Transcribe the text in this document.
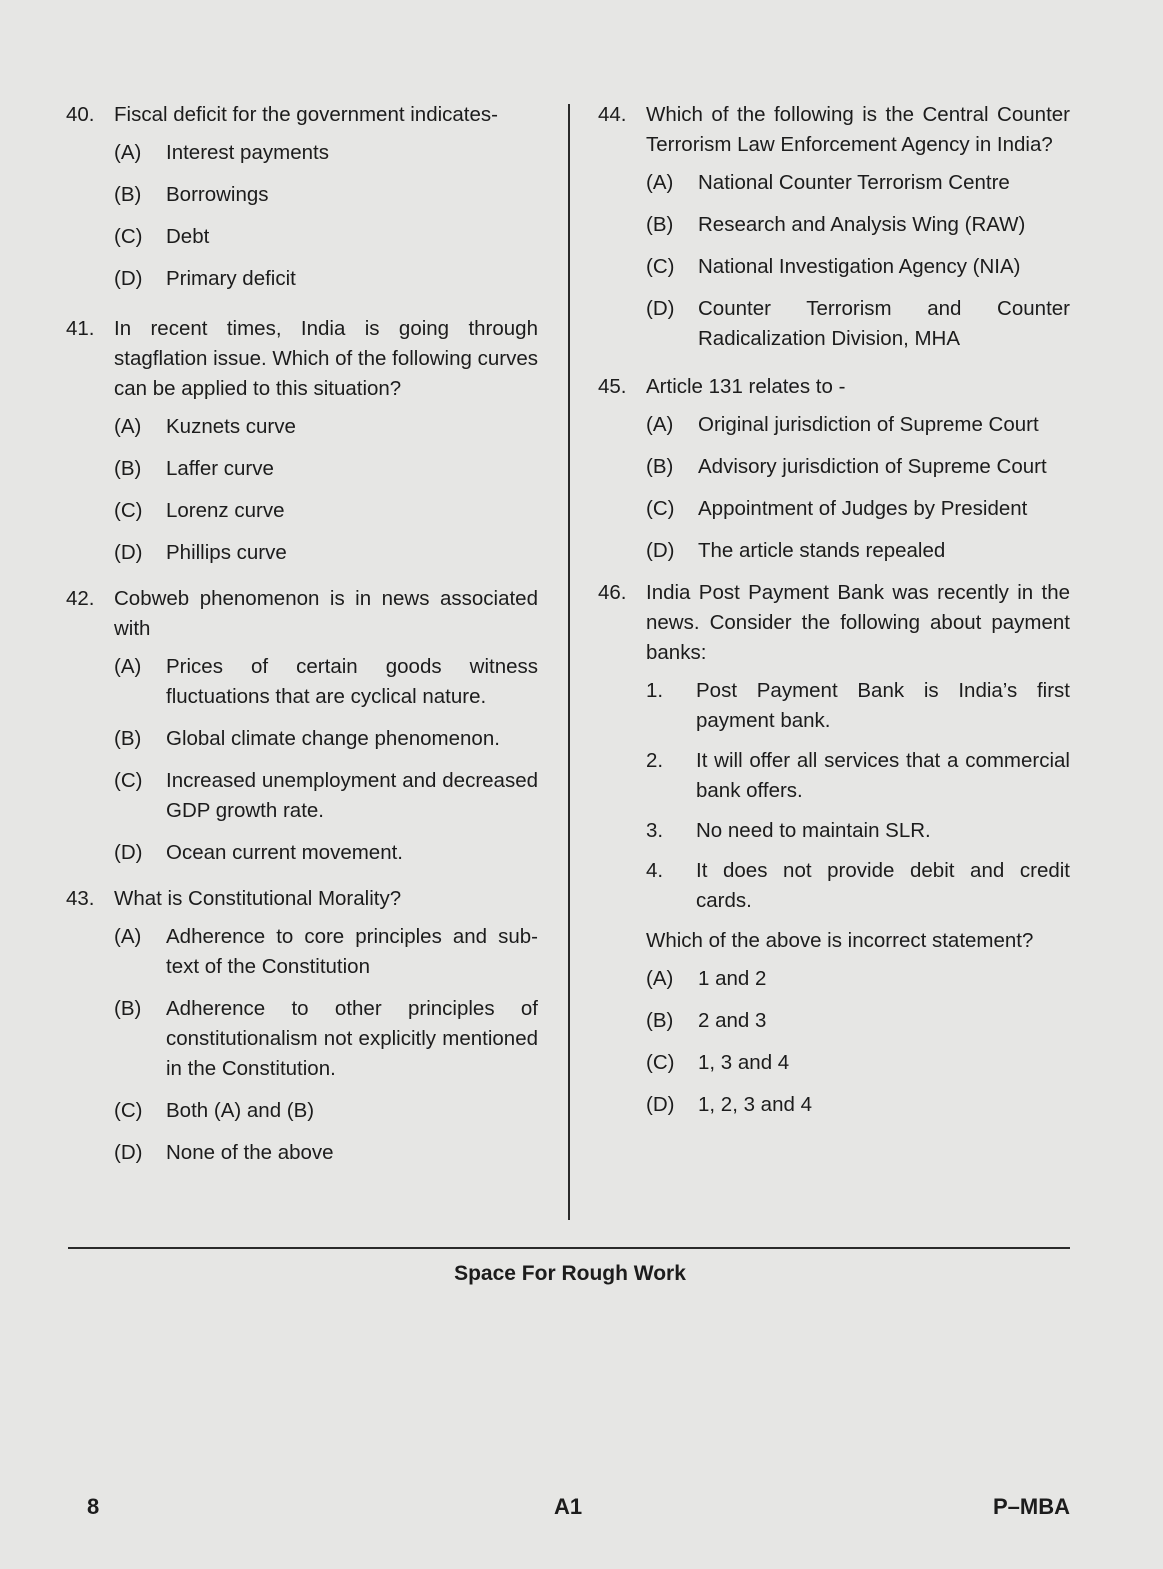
40. Fiscal deficit for the government indicates-
(A) Interest payments
(B) Borrowings
(C) Debt
(D) Primary deficit
41. In recent times, India is going through stagflation issue. Which of the following curves can be applied to this situation?
(A) Kuznets curve
(B) Laffer curve
(C) Lorenz curve
(D) Phillips curve
42. Cobweb phenomenon is in news associated with
(A) Prices of certain goods witness fluctuations that are cyclical nature.
(B) Global climate change phenomenon.
(C) Increased unemployment and decreased GDP growth rate.
(D) Ocean current movement.
43. What is Constitutional Morality?
(A) Adherence to core principles and sub-text of the Constitution
(B) Adherence to other principles of constitutionalism not explicitly mentioned in the Constitution.
(C) Both (A) and (B)
(D) None of the above
44. Which of the following is the Central Counter Terrorism Law Enforcement Agency in India?
(A) National Counter Terrorism Centre
(B) Research and Analysis Wing (RAW)
(C) National Investigation Agency (NIA)
(D) Counter Terrorism and Counter Radicalization Division, MHA
45. Article 131 relates to -
(A) Original jurisdiction of Supreme Court
(B) Advisory jurisdiction of Supreme Court
(C) Appointment of Judges by President
(D) The article stands repealed
46. India Post Payment Bank was recently in the news. Consider the following about payment banks:
1. Post Payment Bank is India’s first payment bank.
2. It will offer all services that a commercial bank offers.
3. No need to maintain SLR.
4. It does not provide debit and credit cards.
Which of the above is incorrect statement?
(A) 1 and 2
(B) 2 and 3
(C) 1, 3 and 4
(D) 1, 2, 3 and 4
Space For Rough Work
8	A1	P–MBA
